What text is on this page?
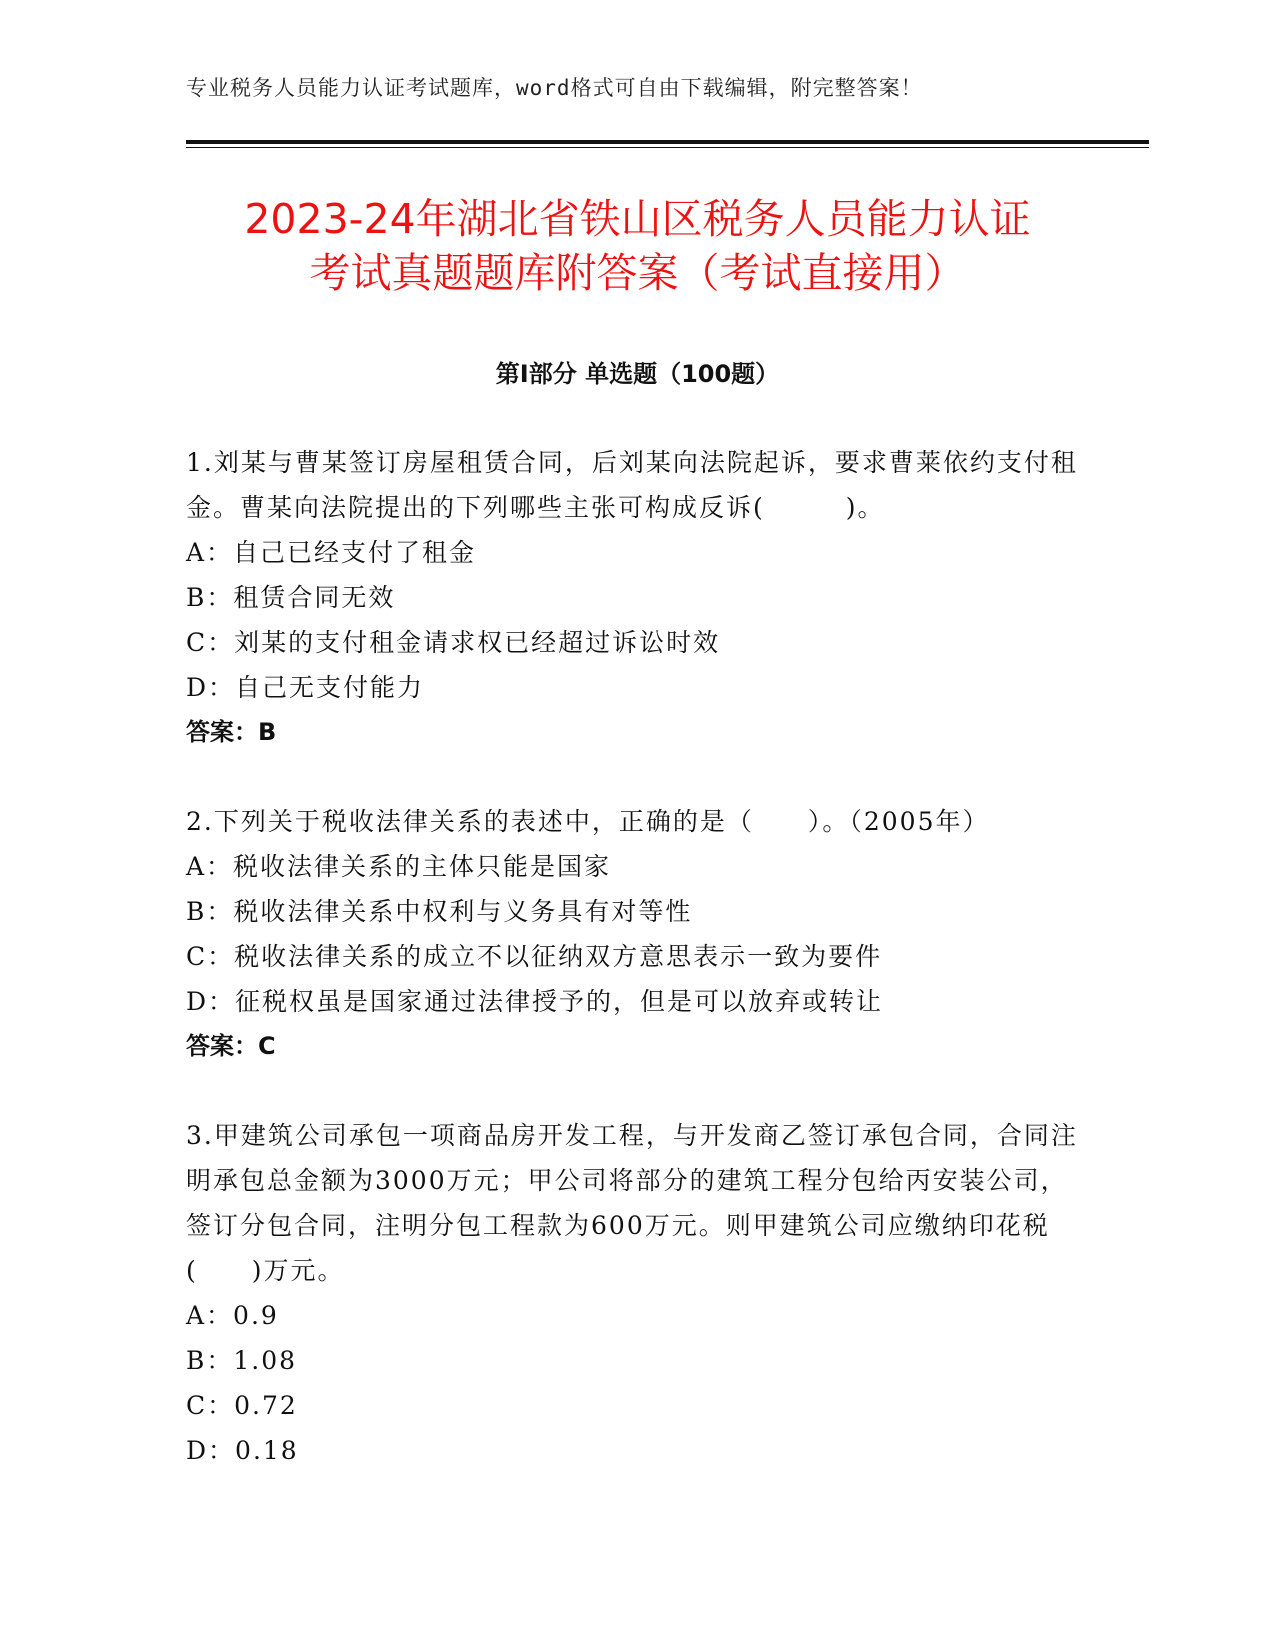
专业税务人员能力认证考试题库，word格式可自由下载编辑，附完整答案！
2023-24年湖北省铁山区税务人员能力认证
考试真题题库附答案（考试直接用）
第Ⅰ部分 单选题（100题）
1.刘某与曹某签订房屋租赁合同，后刘某向法院起诉，要求曹莱依约支付租金。曹某向法院提出的下列哪些主张可构成反诉(　　　)。
A：自己已经支付了租金
B：租赁合同无效
C：刘某的支付租金请求权已经超过诉讼时效
D：自己无支付能力
答案：B
2.下列关于税收法律关系的表述中，正确的是（　　）。（2005年）
A：税收法律关系的主体只能是国家
B：税收法律关系中权利与义务具有对等性
C：税收法律关系的成立不以征纳双方意思表示一致为要件
D：征税权虽是国家通过法律授予的，但是可以放弃或转让
答案：C
3.甲建筑公司承包一项商品房开发工程，与开发商乙签订承包合同，合同注明承包总金额为3000万元；甲公司将部分的建筑工程分包给丙安装公司，签订分包合同，注明分包工程款为600万元。则甲建筑公司应缴纳印花税(　　)万元。
A：0.9
B：1.08
C：0.72
D：0.18
